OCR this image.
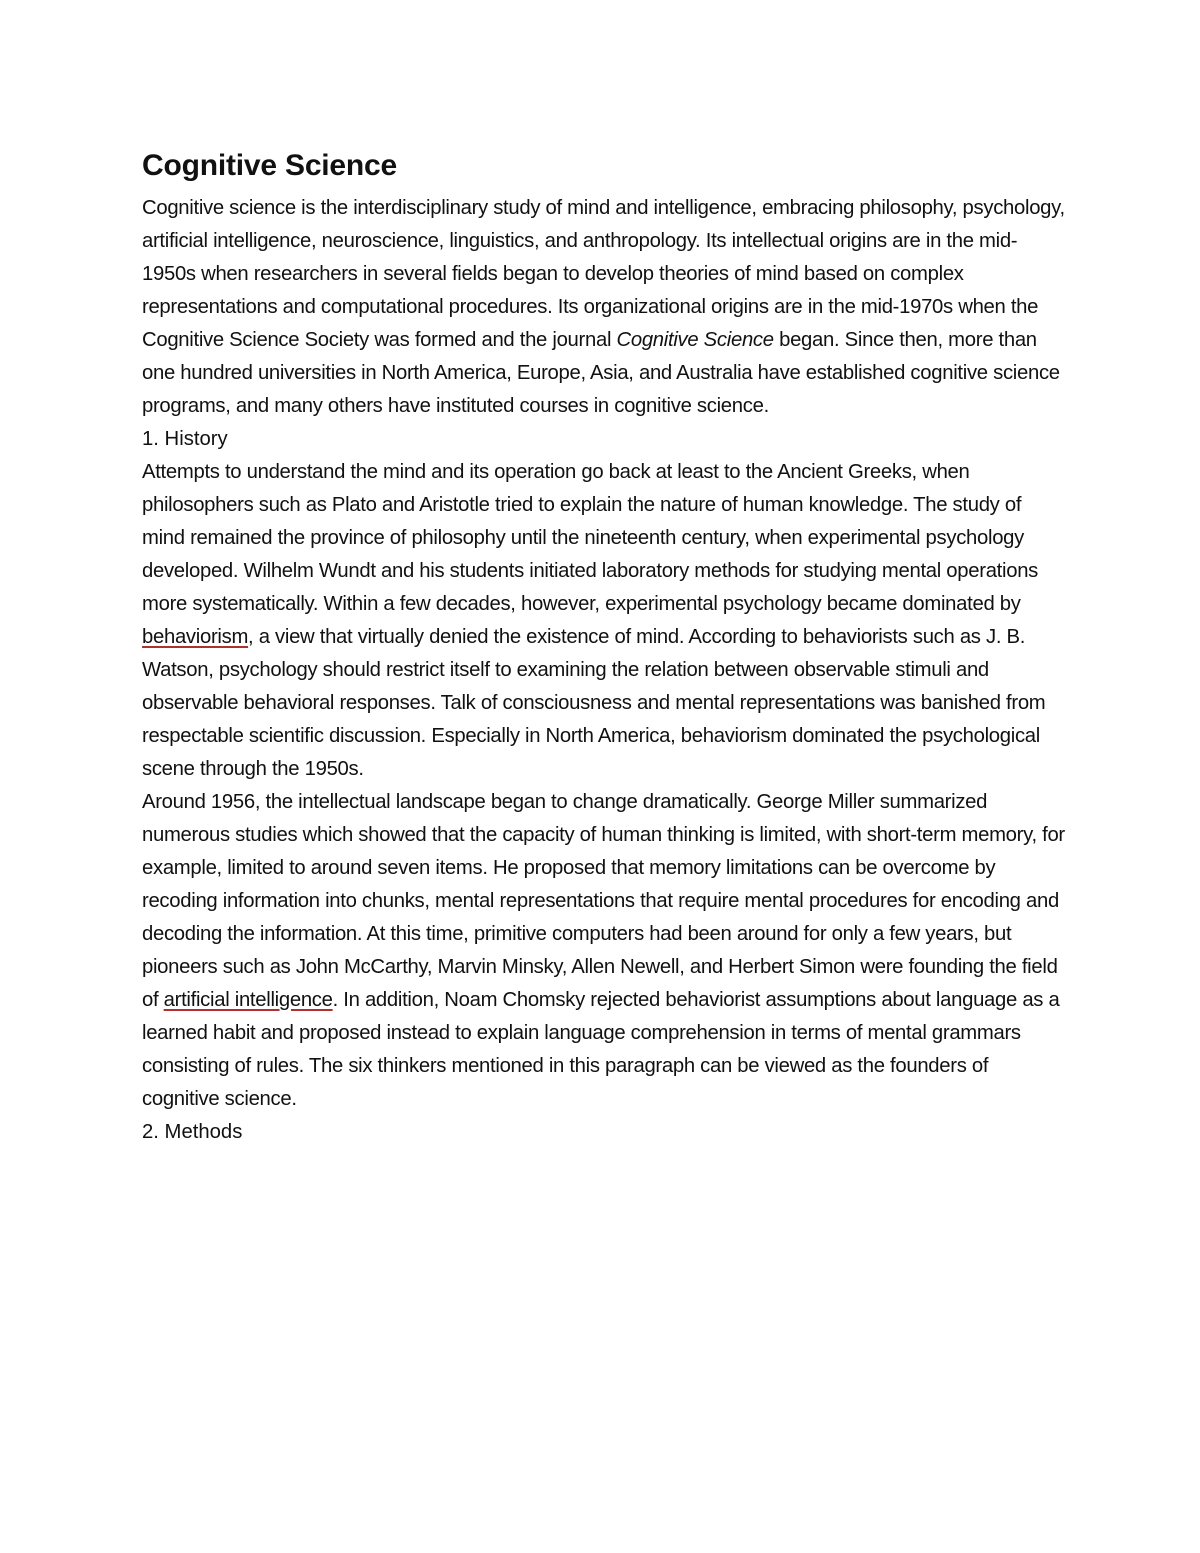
Cognitive Science

Cognitive science is the interdisciplinary study of mind and intelligence, embracing philosophy, psychology, artificial intelligence, neuroscience, linguistics, and anthropology. Its intellectual origins are in the mid-1950s when researchers in several fields began to develop theories of mind based on complex representations and computational procedures. Its organizational origins are in the mid-1970s when the Cognitive Science Society was formed and the journal Cognitive Science began. Since then, more than one hundred universities in North America, Europe, Asia, and Australia have established cognitive science programs, and many others have instituted courses in cognitive science.

1. History

Attempts to understand the mind and its operation go back at least to the Ancient Greeks, when philosophers such as Plato and Aristotle tried to explain the nature of human knowledge. The study of mind remained the province of philosophy until the nineteenth century, when experimental psychology developed. Wilhelm Wundt and his students initiated laboratory methods for studying mental operations more systematically. Within a few decades, however, experimental psychology became dominated by behaviorism, a view that virtually denied the existence of mind. According to behaviorists such as J. B. Watson, psychology should restrict itself to examining the relation between observable stimuli and observable behavioral responses. Talk of consciousness and mental representations was banished from respectable scientific discussion. Especially in North America, behaviorism dominated the psychological scene through the 1950s.

Around 1956, the intellectual landscape began to change dramatically. George Miller summarized numerous studies which showed that the capacity of human thinking is limited, with short-term memory, for example, limited to around seven items. He proposed that memory limitations can be overcome by recoding information into chunks, mental representations that require mental procedures for encoding and decoding the information. At this time, primitive computers had been around for only a few years, but pioneers such as John McCarthy, Marvin Minsky, Allen Newell, and Herbert Simon were founding the field of artificial intelligence. In addition, Noam Chomsky rejected behaviorist assumptions about language as a learned habit and proposed instead to explain language comprehension in terms of mental grammars consisting of rules. The six thinkers mentioned in this paragraph can be viewed as the founders of cognitive science.

2. Methods
